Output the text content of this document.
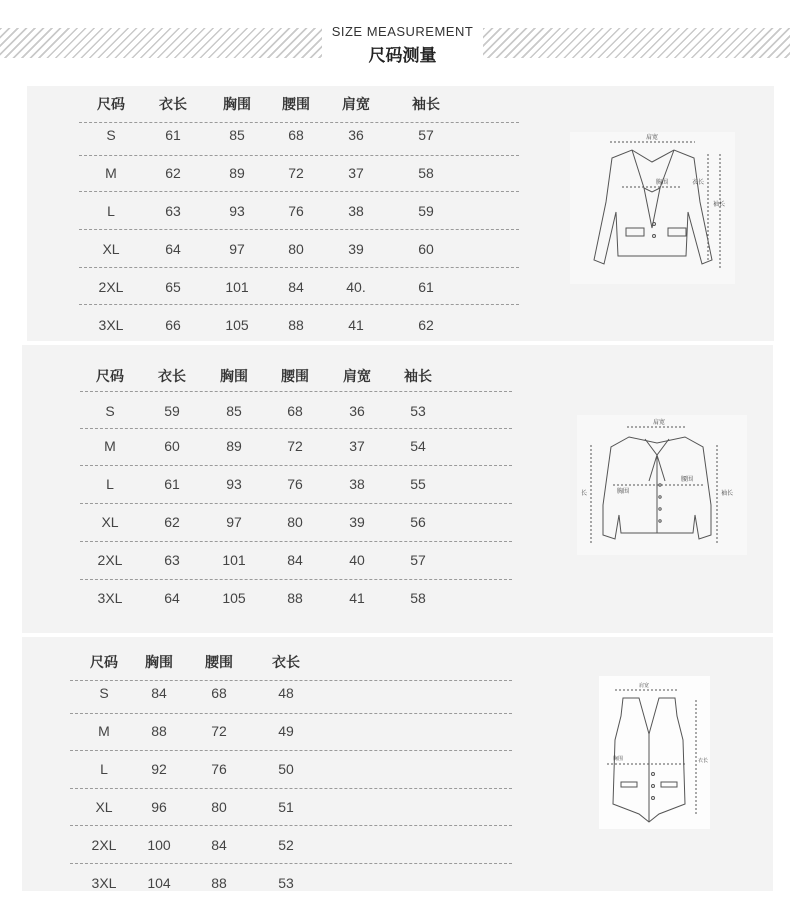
SIZE MEASUREMENT
尺码测量
尺码 衣长	胸围 腰围 肩宽	袖长
S	61	85	68	36	57
M	62	89	72	37	58
L	63	93	76	38	59
XL	64	97	80	39	60
2XL	65	101	84	40.	61
3XL	66	105	88	41	62
肩宽
胸围	衣长
袖长
尺码 衣长 胸围 腰围 肩宽 袖长
S	59	85	68	36	53
M	60	89	72	37	54
L	61	93	76	38	55
XL	62	97	80	39	56
2XL	63	101	84	40	57
3XL	64	105	88	41	58
肩宽
胸围
腰围
长	袖长
尺码 胸围 腰围	衣长
S	84	68	48
M	88	72	49
L	92	76	50
XL	96	80	51
2XL 100	84	52
3XL 104	88	53
肩宽
胸围	衣长
